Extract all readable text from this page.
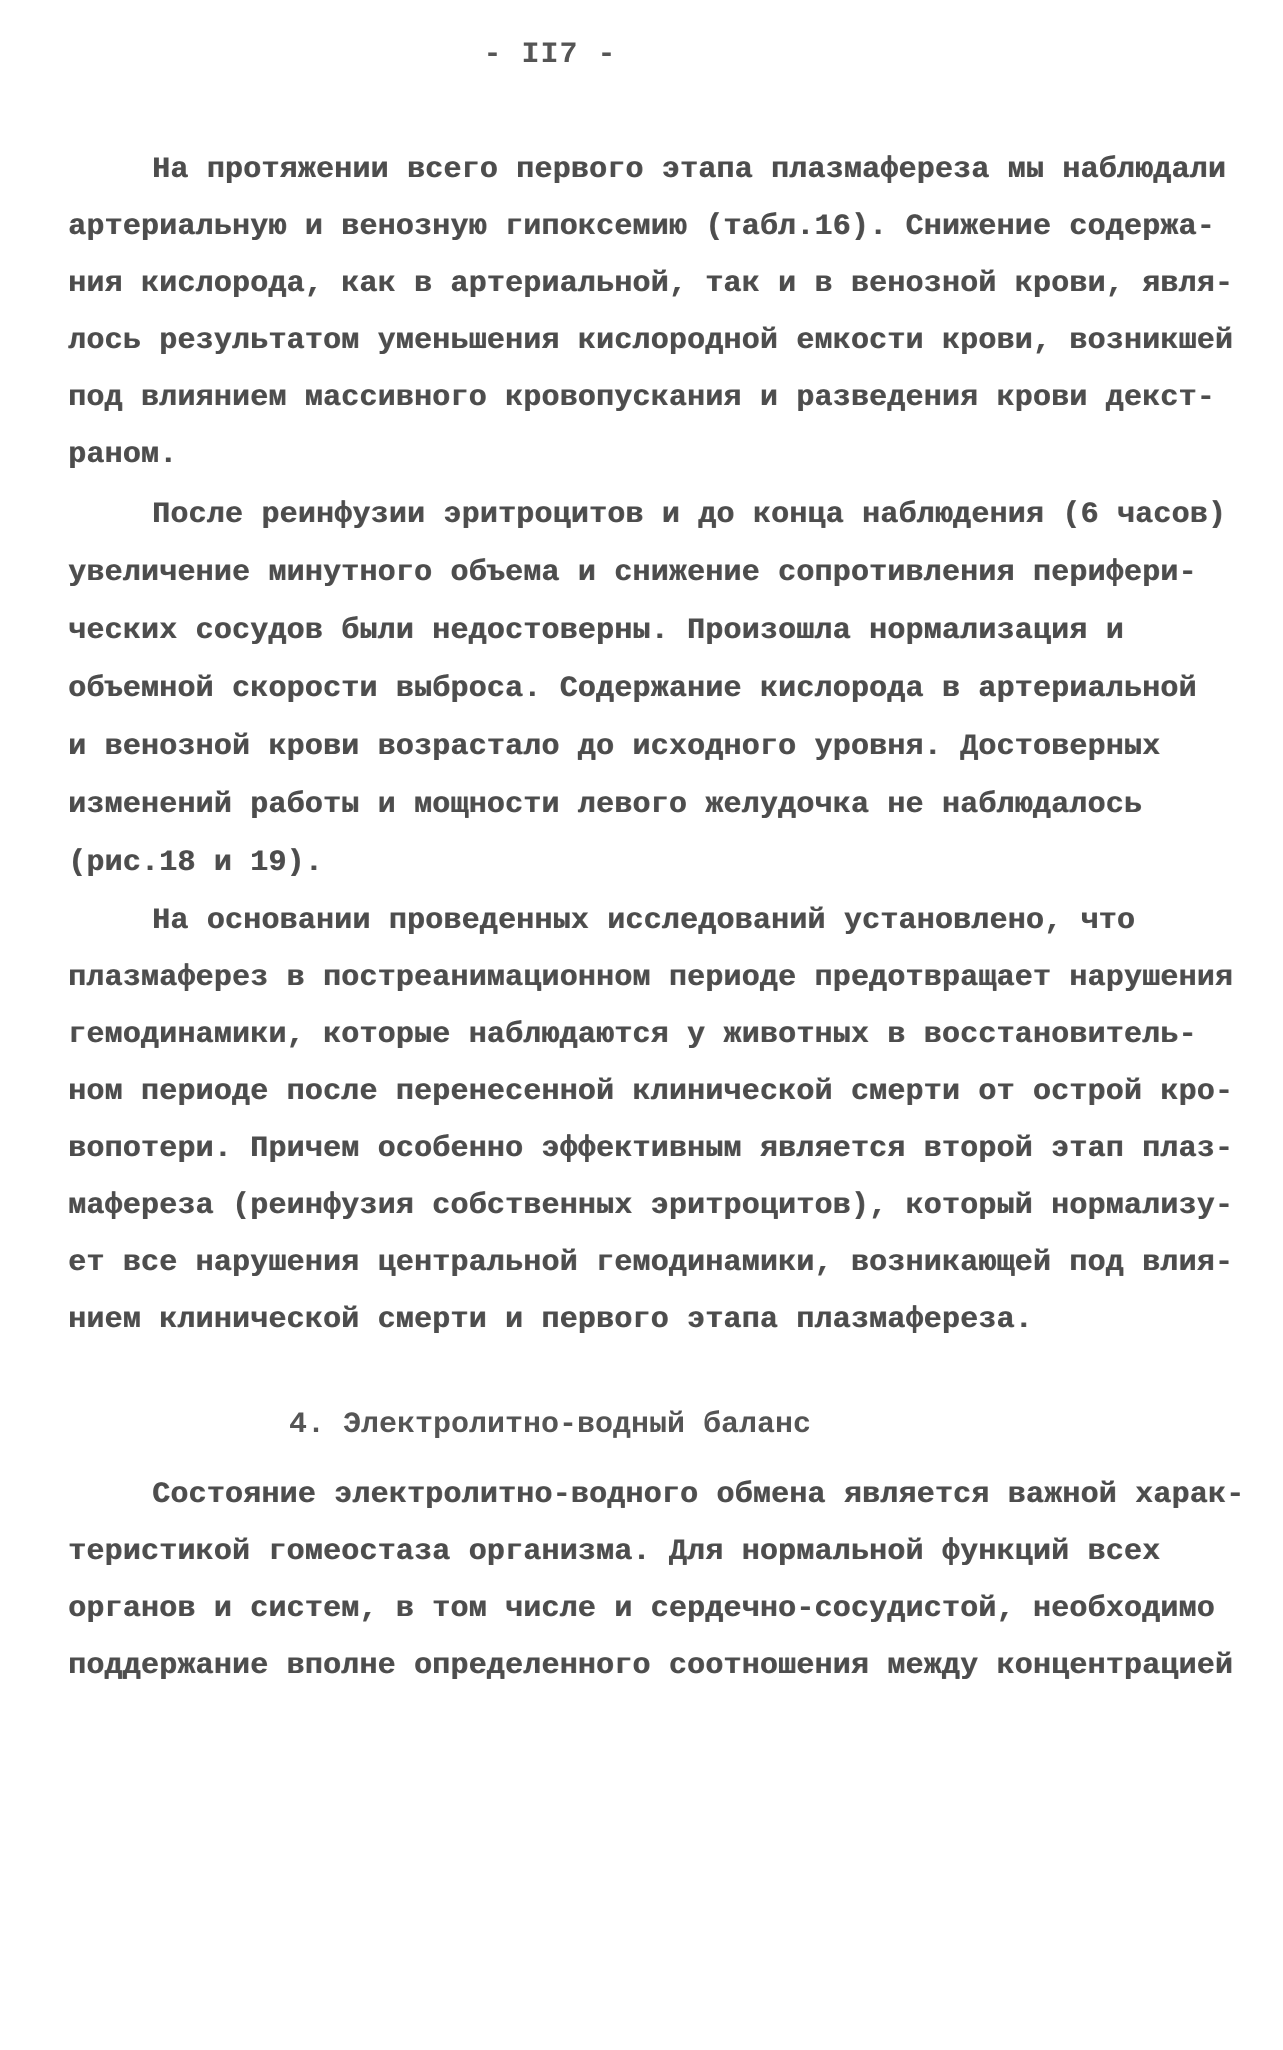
- II7 -
На протяжении всего первого этапа плазмафереза мы наблюдали
артериальную и венозную гипоксемию (табл.16). Снижение содержа-
ния кислорода, как в артериальной, так и в венозной крови, явля-
лось результатом уменьшения кислородной емкости крови, возникшей
под влиянием массивного кровопускания и разведения крови декст-
раном.
После реинфузии эритроцитов и до конца наблюдения (6 часов)
увеличение минутного объема и снижение сопротивления перифери-
ческих сосудов были недостоверны. Произошла нормализация и
объемной скорости выброса. Содержание кислорода в артериальной
и венозной крови возрастало до исходного уровня. Достоверных
изменений работы и мощности левого желудочка не наблюдалось
(рис.18 и 19).
На основании проведенных исследований установлено, что
плазмаферез в постреанимационном периоде предотвращает нарушения
гемодинамики, которые наблюдаются у животных в восстановитель-
ном периоде после перенесенной клинической смерти от острой кро-
вопотери. Причем особенно эффективным является второй этап плаз-
мафереза (реинфузия собственных эритроцитов), который нормализу-
ет все нарушения центральной гемодинамики, возникающей под влия-
нием клинической смерти и первого этапа плазмафереза.
4. Электролитно-водный баланс
Состояние электролитно-водного обмена является важной харак-
теристикой гомеостаза организма. Для нормальной функций всех
органов и систем, в том числе и сердечно-сосудистой, необходимо
поддержание вполне определенного соотношения между концентрацией
